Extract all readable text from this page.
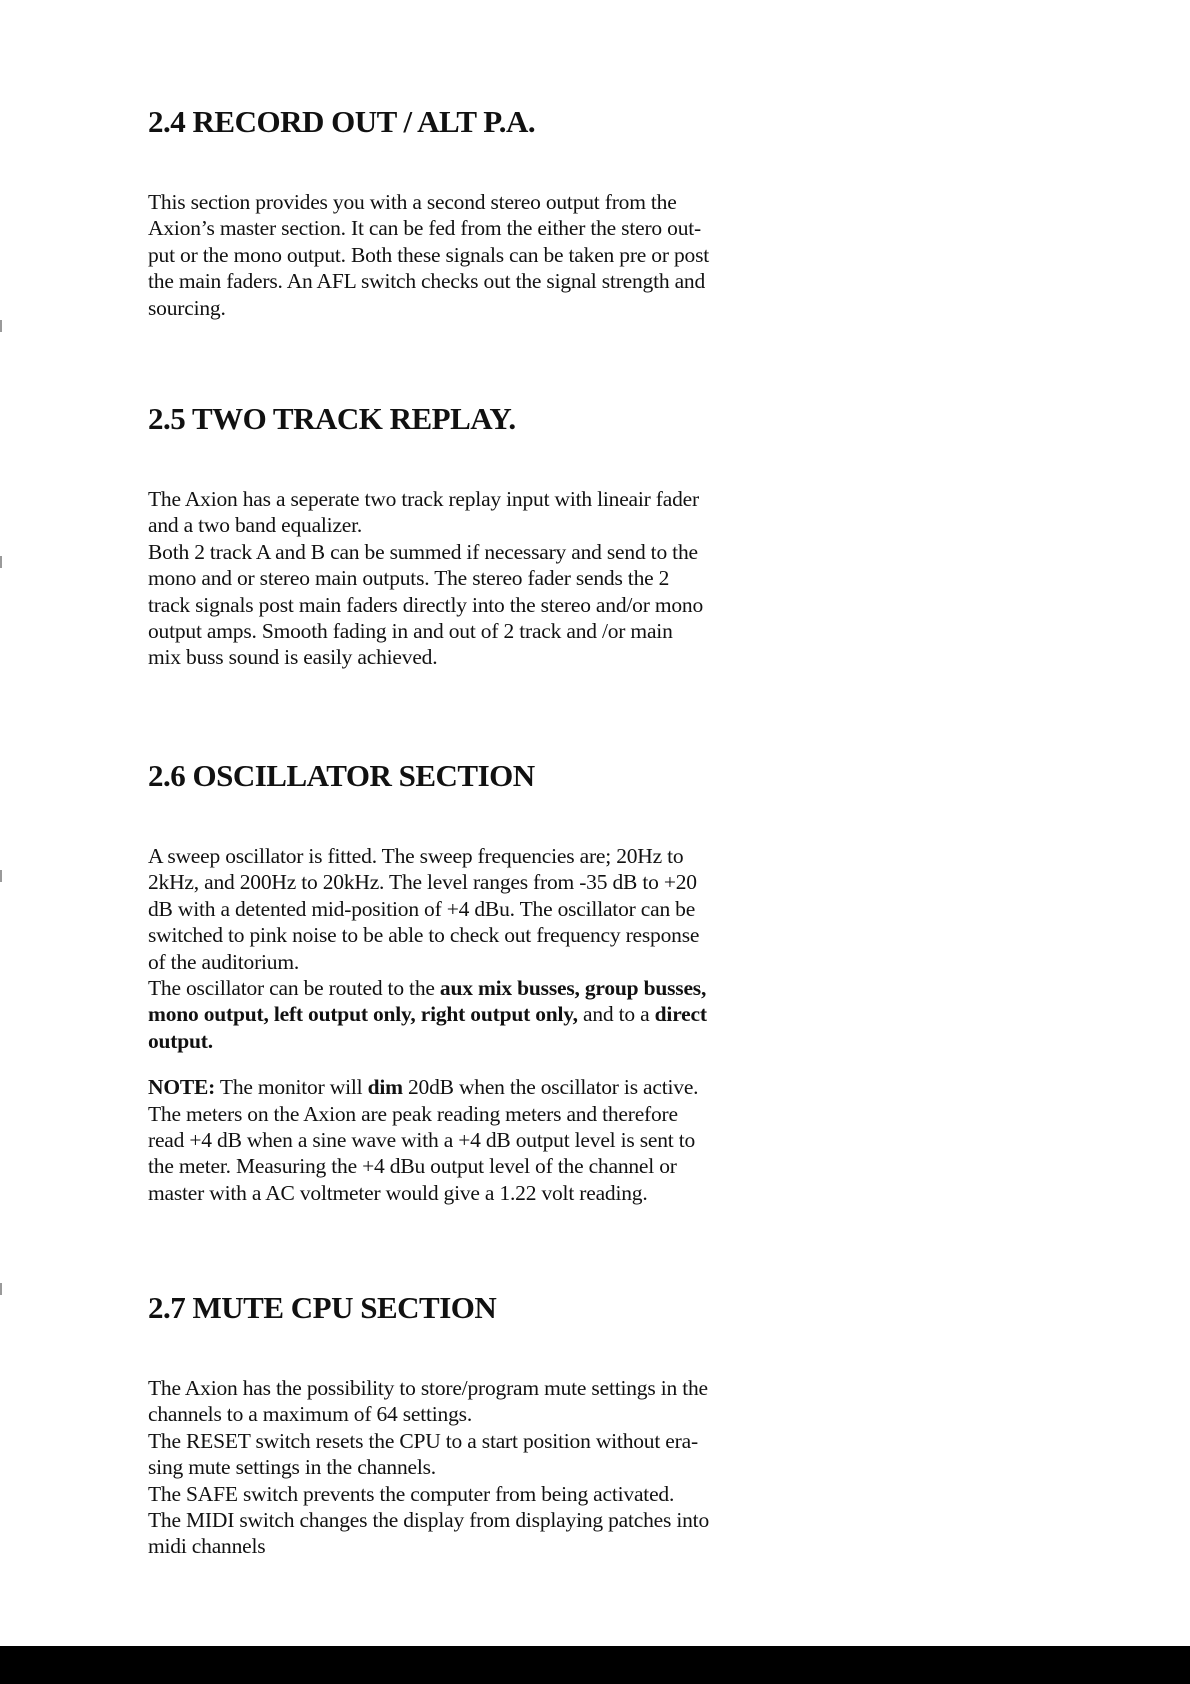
2.4 RECORD OUT / ALT P.A.
This section provides you with a second stereo output from the
Axion’s master section. It can be fed from the either the stero out-
put or the mono output. Both these signals can be taken pre or post
the main faders. An AFL switch checks out the signal strength and
sourcing.
2.5 TWO TRACK REPLAY.
The Axion has a seperate two track replay input with lineair fader
and a two band equalizer.
Both 2 track A and B can be summed if necessary and send to the
mono and or stereo main outputs. The stereo fader sends the 2
track signals post main faders directly into the stereo and/or mono
output amps. Smooth fading in and out of 2 track and /or main
mix buss sound is easily achieved.
2.6 OSCILLATOR SECTION
A sweep oscillator is fitted. The sweep frequencies are; 20Hz to
2kHz, and 200Hz to 20kHz. The level ranges from -35 dB to +20
dB with a detented mid-position of +4 dBu. The oscillator can be
switched to pink noise to be able to check out frequency response
of the auditorium.
The oscillator can be routed to the aux mix busses, group busses,
mono output, left output only, right output only, and to a direct
output.
NOTE: The monitor will dim 20dB when the oscillator is active.
The meters on the Axion are peak reading meters and therefore
read +4 dB when a sine wave with a +4 dB output level is sent to
the meter. Measuring the +4 dBu output level of the channel or
master with a AC voltmeter would give a 1.22 volt reading.
2.7 MUTE CPU SECTION
The Axion has the possibility to store/program mute settings in the
channels to a maximum of 64 settings.
The RESET switch resets the CPU to a start position without era-
sing mute settings in the channels.
The SAFE switch prevents the computer from being activated.
The MIDI switch changes the display from displaying patches into
midi channels
